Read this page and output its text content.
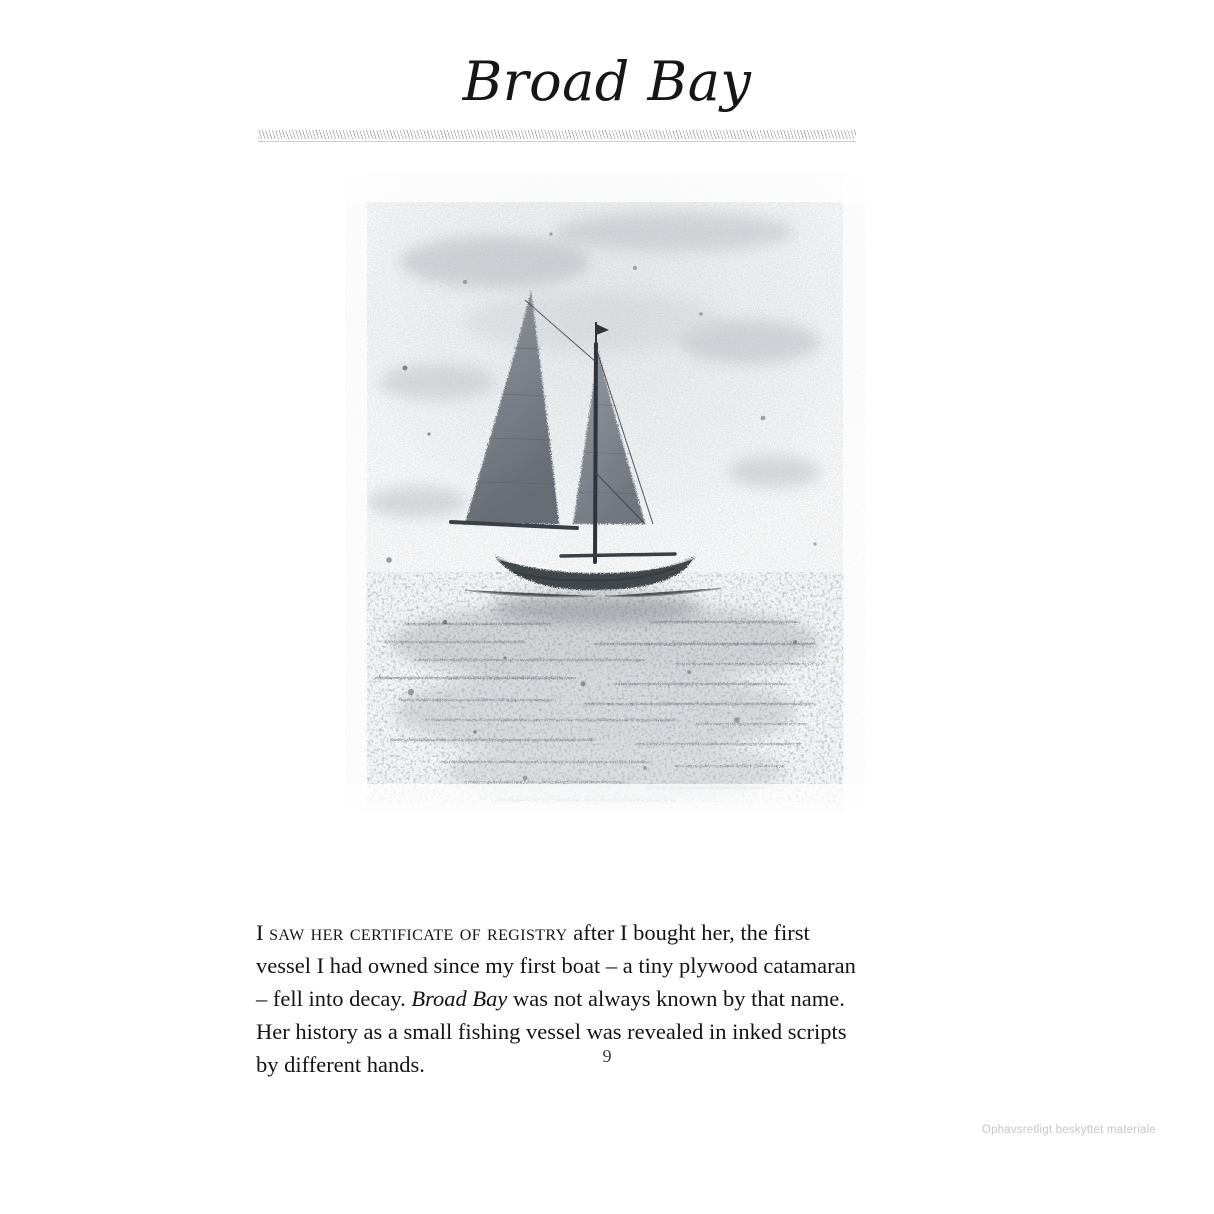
Broad Bay

I saw her certificate of registry after I bought her, the first vessel I had owned since my first boat – a tiny plywood catamaran – fell into decay. Broad Bay was not always known by that name. Her history as a small fishing vessel was revealed in inked scripts by different hands.	9
Ophavsretligt beskyttet materiale
